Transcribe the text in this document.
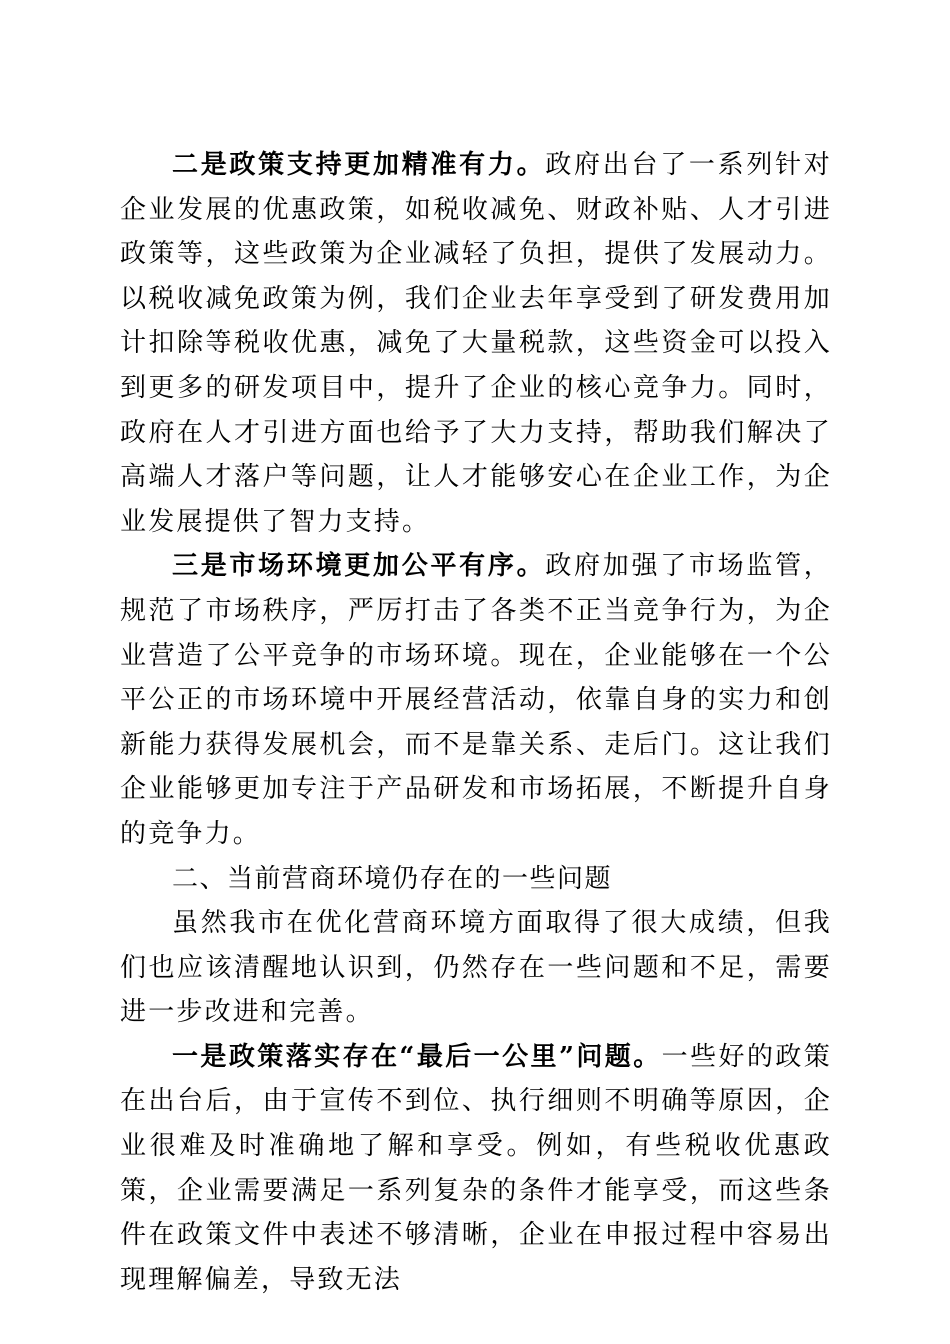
二是政策支持更加精准有力。政府出台了一系列针对企业发展的优惠政策，如税收减免、财政补贴、人才引进政策等，这些政策为企业减轻了负担，提供了发展动力。以税收减免政策为例，我们企业去年享受到了研发费用加计扣除等税收优惠，减免了大量税款，这些资金可以投入到更多的研发项目中，提升了企业的核心竞争力。同时，政府在人才引进方面也给予了大力支持，帮助我们解决了高端人才落户等问题，让人才能够安心在企业工作，为企业发展提供了智力支持。

三是市场环境更加公平有序。政府加强了市场监管，规范了市场秩序，严厉打击了各类不正当竞争行为，为企业营造了公平竞争的市场环境。现在，企业能够在一个公平公正的市场环境中开展经营活动，依靠自身的实力和创新能力获得发展机会，而不是靠关系、走后门。这让我们企业能够更加专注于产品研发和市场拓展，不断提升自身的竞争力。

二、当前营商环境仍存在的一些问题

虽然我市在优化营商环境方面取得了很大成绩，但我们也应该清醒地认识到，仍然存在一些问题和不足，需要进一步改进和完善。

一是政策落实存在“最后一公里”问题。一些好的政策在出台后，由于宣传不到位、执行细则不明确等原因，企业很难及时准确地了解和享受。例如，有些税收优惠政策，企业需要满足一系列复杂的条件才能享受，而这些条件在政策文件中表述不够清晰，企业在申报过程中容易出现理解偏差，导致无法
